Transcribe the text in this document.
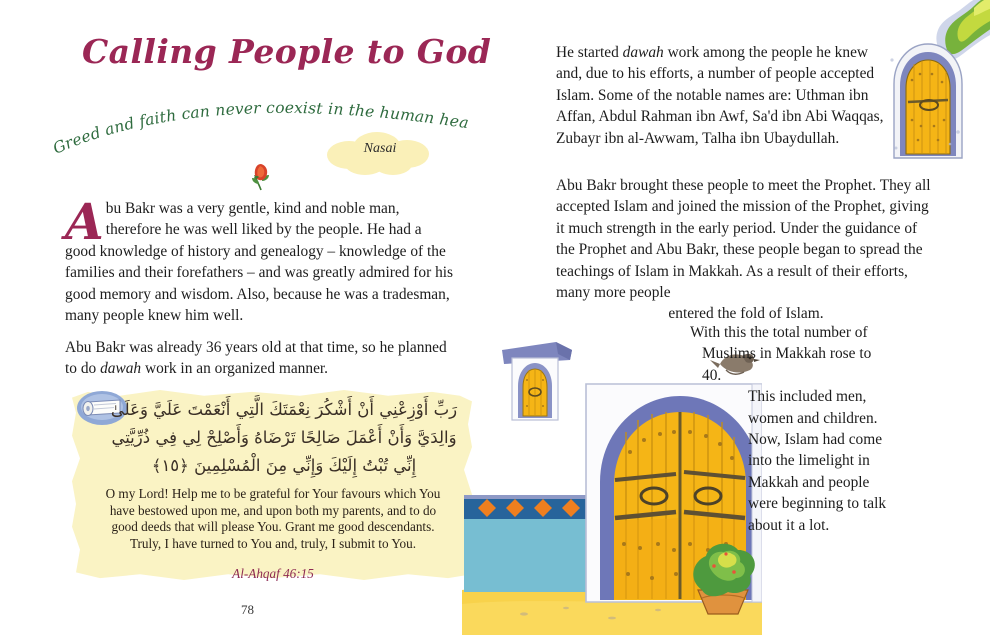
Calling People to God
Greed and faith can never coexist in the human heart.
Nasai
Abu Bakr was a very gentle, kind and noble man, therefore he was well liked by the people. He had a good knowledge of history and genealogy – knowledge of the families and their forefathers – and was greatly admired for his good memory and wisdom. Also, because he was a tradesman, many people knew him well.
Abu Bakr was already 36 years old at that time, so he planned to do dawah work in an organized manner.
رَبِّ أَوْزِعْنِي أَنْ أَشْكُرَ نِعْمَتَكَ الَّتِي أَنْعَمْتَ عَلَيَّ وَعَلَىٰ وَالِدَيَّ وَأَنْ أَعْمَلَ صَالِحًا تَرْضَاهُ وَأَصْلِحْ لِي فِي ذُرِّيَّتِي إِنِّي تُبْتُ إِلَيْكَ وَإِنِّي مِنَ الْمُسْلِمِينَ ﴿١٥﴾
O my Lord! Help me to be grateful for Your favours which You have bestowed upon me, and upon both my parents, and to do good deeds that will please You. Grant me good descendants. Truly, I have turned to You and, truly, I submit to You.
Al-Ahqaf 46:15
78
He started dawah work among the people he knew and, due to his efforts, a number of people accepted Islam. Some of the notable names are: Uthman ibn Affan, Abdul Rahman ibn Awf, Sa'd ibn Abi Waqqas, Zubayr ibn al-Awwam, Talha ibn Ubaydullah.
Abu Bakr brought these people to meet the Prophet. They all accepted Islam and joined the mission of the Prophet, giving it much strength in the early period. Under the guidance of the Prophet and Abu Bakr, these people began to spread the teachings of Islam in Makkah. As a result of their efforts, many more people
entered the fold of Islam.
With this the total number of
Muslims in Makkah rose to 40.
This included men, women and children. Now, Islam had come into the limelight in Makkah and people were beginning to talk about it a lot.
